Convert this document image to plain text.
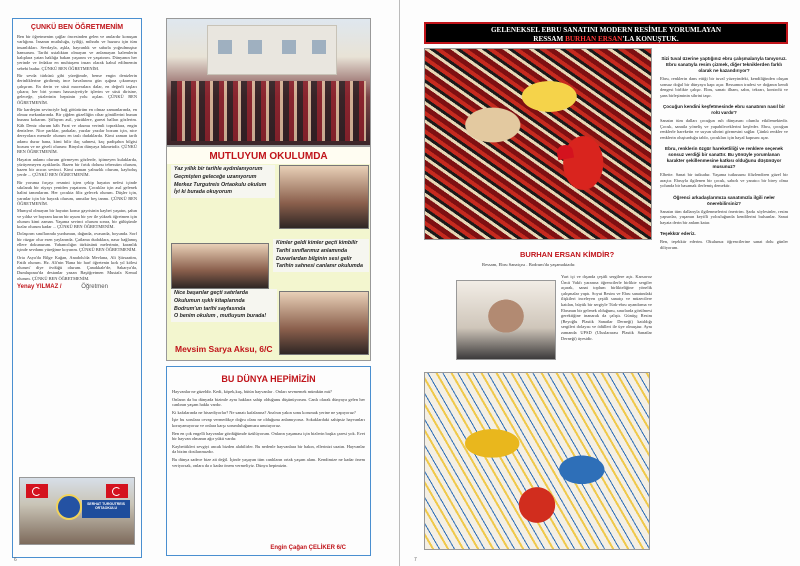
ÇUNKÜ BEN ÖĞRETMENİM

Ben bir öğretmenim çağlar öncesinden gelen ve anılardır konuşan varlığımı. İnsanın mutluluğu, iyiliği, mihrabı ve huzuru için tüm insanlıkları. Sevdayla, aşkla, hayranlık ve sabırla yoğrulmuştur hamurum. Tarihi ustalıktan olmayan ve anlamayan kalemlerin kalıplara yatan haklığa bakan yaşarım ve yaşatırım. Dünyanın her yerinde ve fedakar en muhtaşem insan olarak kabul edilmemin sebebi budur. ÇÜNKÜ BEN ÖĞRETMENİM.

Bir sevda türküsü gibi yüreğimde, bense engin denizlerin derinliklerine girdirmiş ince havalarımı gün ışığına çıkarmayı çalışırım. En derin ve süsü maceralara dalar, en değerli taşları çıkarır, her biri yorum hassasiyetiyle işlerim ve süsü dirisine, geleceğe, yüzlerinin hepsinin yolu açılan. ÇÜNKÜ BEN ÖĞRETMENİM.

Bir kardeşim sevinciyle bağ götürürüm en olmaz zamanlarında, en olmaz mekanlarında. Bir çiğden güzelliğin cihar gönüllerini bunun bunanı kokarım. Şiflayım asil, yüzüklere, garezi balları gözlerim. Kâh Deniz olurum kâh Fırat ve okumu verimli topraklara, engin denizlere. Nice parklar, parkalar, yazılar yazılar bozum için, nice dereyolara menzile olurum en taslı dudaklarda. Kimi zaman tarih adamı durur bana, kimi bilir ilaç sahnesi, kaç padişahın bilgisi bozum ve ne giveli olurum: Binyılın dünyaya hikmetıdir. ÇÜNKÜ BEN ÖĞRETMENİM.

Hayatın anlamı olurum görmeyen gözlerde, işitmeyen kulaklarda, yürüyemeyen ayaklarda. Bazen bir fırtık dolunu tebessüm olurum, bazen bir acıcın sevinci. Kimi zaman yalnızlık olurum, kayboluş yerde ... ÇÜNKÜ BEN ÖĞRETMENİM.

Bir yoruma fırçayı resmini içten çekip hayatın nefesi içinde sıkılarak bir rüyayı yeniden yaşatırım. Çocuklar için asıl gelenek halini tanımlarım. Her çocukta filiz gelecek olurum. Düşler için, yarınlar için bir bayrak olurum, umutlar beş tanmı. ÇÜNKÜ BEN ÖĞRETMENİM.

Mumyal olmayan bir hayatın konur gayrisinin kaybet yaşatın, şahın ve yıldız ve bayram kuran bir uyum bir yer ile yüksek öğretmen için olurum kimi zaman. Yaşama sevinci olurum sonra, bir gülüşümle kızlar olurum kadar ... ÇÜNKÜ BEN ÖĞRETMENİM.

Dolaşırım sınıflarında yurdumun, dağında, ovasında, boyunda. Sorf bir rüzgar olur esen yaylarında. Çatlama dudaklara, nasır bağlamış ellere dokunurum. Yabancılığın türküsünü melerimin, karanlık içinde sevdamı yüreğime koyarım. ÇÜNKÜ BEN ÖĞRETMENİM.

Orta Asya'da Bilge Kağan, Anadolu'da Mevlana, Ali Şiirsaatim, Fatih olurum. Hz. Ali'nin 'Bana bir harf öğretenin kırk yıl kölesi olurum' diye övdüğü olurum. Çanakkale'de, Sakarya'da, Dumlupınar'da destanlar yazan Başöğretmen Mustafa Kemal olurum. ÇÜNKÜ BEN ÖĞRETMENİM.

Yenay YILMAZ /	Öğretmen
SERHAT TURGUTREIS ORTAOKULU
MUTLUYUM OKULUMDA
Yaz yıllık bir tarihle aydınlanıyorum
Geçmişten geleceğe uzanıyorum
Merkez Turgutreis Ortaokulu okulum
İyi ki burada okuyorum
Kimler geldi kimler geçti kimbilir
Tarihi sınıflarımız anlamında
Duvarlardan bilginin sesi gelir
Tarihin sahnesi canlanır okulumda
Nice başarılar geçti satırlarda
Okulumun ışıklı kitaplarında
Bodrum'un tarihi sayfasında
O benim okulum , mutluyum burada!
Mevsim Sarya Aksu, 6/C
BU DÜNYA HEPİMİZİN

Hayvanlar ne güzeldir. Kedi, köpek,kuş, bütün hayvanlar . Onları sevmemek mümkün mü?

Onların da bu dünyada bizimle aynı haklara sahip olduğunu düşünüyorum. Canlı olarak dünyaya gelen her canlının yaşam hakkı vardır.

Ki kafalarında ne hissediyorlar? Ne sanatı kafalarına? Ana'nın yakın sonu korumak yerine ne yapıyoruz?

İşte bu sorulara cevap vermedikçe doğru olanı ne olduğunu anlamıyoruz. Sokaklardaki sahipsiz hayvanları koruyamıyoruz ve onlara karşı sorumluluğumuzu unutuyoruz.

Ben en çok engelli hayvanlar gördüğümde üzülüyorum. Onların yaşaması için bizlerin başka çaresi yok. Evet bir hayvan olmanın ağır yükü vardır.

Kaybettikleri sevgiyi ancak bizden alabilirler. Bu nedenle hayvanlara bir bakın, ellerinizi uzatın. Hayvanlar da bizim dostlarımızdır.

Bu dünya sadece bize ait değil. İçinde yaşayan tüm canlıların ortak yaşam alanı. Kendimize ne kadar önem veriyorsak, onlara da o kadar önem vermeliyiz. Dünya hepimizin.

Engin Çağan ÇELİKER 6/C
6
GELENEKSEL EBRU SANATINI MODERN RESİMLE YORUMLAYAN
RESSAM BURHAN ERSAN'LA KONUŞTUK.
BURHAN ERSAN KİMDİR?
Ressam, Ebru Sanatçısı . Bodrum'da yaşamaktadır.
Yurt içi ve dışında çeşitli sergilere açtı. Karsavoz Ümit Vakfı yararına öğrencilerle birlikte sergiler açarak, sanat toplum birlikteliğine yönelik çalışmalar yaptı. Soyut Resim ve Ebru sanatındaki ilişkileri inceleyen çeşitli sanatçı ve müzecilere katılan, büyük bir sergiyle Türk-ebru uyandırma ve Ebrunun bir gelenek olduğunu, sınırlarda görülmesi gerektiğine inanarak da çalıştı. Günüşç Resim (Beyoğlu Plastik Sanatlar Derneği) katıldığı sergileri dolayısı ve ödülleri ile üye olmuştur. Aynı zamanda UPSD (Uluslararası Plastik Sanatlar Derneği) üyesidir.
Sizi tuval üzerine yaptığınız ebru çalışmalarıyla tanıyoruz. Ebru sanatıyla resim çizmek, diğer tekniklerden farklı olarak ne kazandırıyor?
Ebru, renklerin dans ettiği bir tuval yüzeyindeki, kendiliğinden oluşan sonsuz doğal bir dünyaya kapı açar. Ressamın iradesi ve doğanın kendi dengesi birlikte çalışır. Ebru, sanatı ilham, sabrı, tekrarı, kontrolü ve şans birleşiminin sihrini taşır.
Çocuğun kendini keşfetmesinde ebru sanatının nasıl bir rolü vardır?
Sanatın tüm dalları çocuğun ruh dünyasını olumlu etkilemektedir. Çocuk, sanatla yöneliş ve yapabileceklerini keşfeder. Ebru, çocuğun renklerle hareketin ve suyun sihrini görmesini sağlar. Çünkü renkler ve renklerin oluşturduğu tablo, çocukları için hayal kapısını açar.
Ebru, renklerin özgür hareketliliği ve renklere seçenek sonsuz verdiği bir sanattır. Bu yönüyle yorumlanan karakter şekillenmesine katkısı olduğunu düşünüyor musunuz?
Elbette. Sanat bir tutkudur. Yaşama tutkusunu filizlendiren güzel bir araçtır. Ebruyla ilgilenen bir çocuk, sabırlı ve yaratıcı bir birey olma yolunda bir basamak ilerlemiş demektir.
Öğrenci arkadaşlarımıza sanatımızla ilgili neler önerebilirsiniz?
Sanatın tüm dallarıyla ilgilenmelerini öneririm. Şarkı söylesinler, resim yapsınlar, yaşamın keyifli yolculuğunda kendilerini bulsunlar. Sanat hayata derin bir anlam katar.
Teşekkür ederiz.
Ben, teşekkür ederim. Okulunuz öğrencilerine sanat dolu günler diliyorum.
7
